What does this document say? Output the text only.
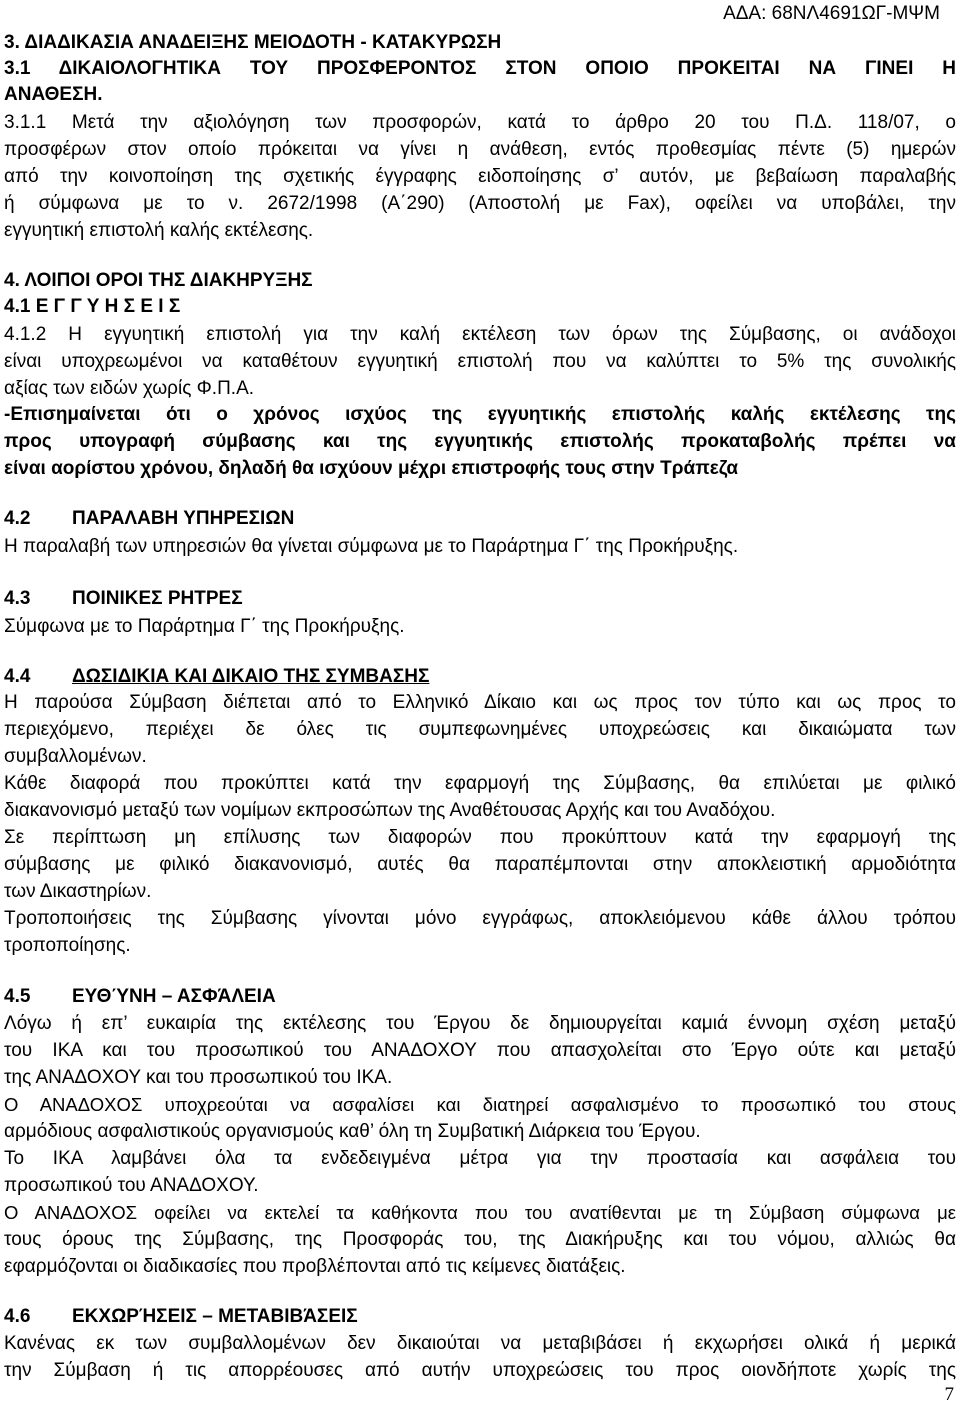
ΑΔΑ: 68ΝΛ4691ΩΓ-ΜΨΜ
3. ΔΙΑΔΙΚΑΣΙΑ ΑΝΑΔΕΙΞΗΣ ΜΕΙΟΔΟΤΗ - ΚΑΤΑΚΥΡΩΣΗ
3.1 ΔΙΚΑΙΟΛΟΓΗΤΙΚΑ ΤΟΥ ΠΡΟΣΦΕΡΟΝΤΟΣ ΣΤΟΝ ΟΠΟΙΟ ΠΡΟΚΕΙΤΑΙ ΝΑ ΓΙΝΕΙ Η
ΑΝΑΘΕΣΗ.
3.1.1 Μετά την αξιολόγηση των προσφορών, κατά το άρθρο 20 του Π.Δ. 118/07, ο
προσφέρων στον οποίο πρόκειται να γίνει η ανάθεση, εντός προθεσμίας πέντε (5) ημερών
από την κοινοποίηση της σχετικής έγγραφης ειδοποίησης σ’ αυτόν, με βεβαίωση παραλαβής
ή σύμφωνα με το ν. 2672/1998 (Α΄290) (Αποστολή με Fax), οφείλει να υποβάλει, την
εγγυητική επιστολή καλής εκτέλεσης.
4. ΛΟΙΠΟΙ ΟΡΟΙ ΤΗΣ ΔΙΑΚΗΡΥΞΗΣ
4.1 Ε Γ Γ Υ Η Σ Ε Ι Σ
4.1.2 Η εγγυητική επιστολή για την καλή εκτέλεση των όρων της Σύμβασης, οι ανάδοχοι
είναι υποχρεωμένοι να καταθέτουν εγγυητική επιστολή που να καλύπτει το 5% της συνολικής
αξίας των ειδών χωρίς Φ.Π.Α.
-Επισημαίνεται ότι ο χρόνος ισχύος της εγγυητικής επιστολής καλής εκτέλεσης της
προς υπογραφή σύμβασης και της εγγυητικής επιστολής προκαταβολής πρέπει να
είναι αορίστου χρόνου, δηλαδή θα ισχύουν μέχρι επιστροφής τους στην Τράπεζα
4.2 ΠΑΡΑΛΑΒΗ ΥΠΗΡΕΣΙΩΝ
Η παραλαβή των υπηρεσιών θα γίνεται σύμφωνα με το Παράρτημα Γ΄ της Προκήρυξης.
4.3 ΠΟΙΝΙΚΕΣ ΡΗΤΡΕΣ
Σύμφωνα με το Παράρτημα Γ΄ της Προκήρυξης.
4.4 ΔΩΣΙΔΙΚΙΑ ΚΑΙ ΔΙΚΑΙΟ ΤΗΣ ΣΥΜΒΑΣΗΣ
Η παρούσα Σύμβαση διέπεται από το Ελληνικό Δίκαιο και ως προς τον τύπο και ως προς το
περιεχόμενο, περιέχει δε όλες τις συμπεφωνημένες υποχρεώσεις και δικαιώματα των
συμβαλλομένων.
Κάθε διαφορά που προκύπτει κατά την εφαρμογή της Σύμβασης, θα επιλύεται με φιλικό
διακανονισμό μεταξύ των νομίμων εκπροσώπων της Αναθέτουσας Αρχής και του Αναδόχου.
Σε περίπτωση μη επίλυσης των διαφορών που προκύπτουν κατά την εφαρμογή της
σύμβασης με φιλικό διακανονισμό, αυτές θα παραπέμπονται στην αποκλειστική αρμοδιότητα
των Δικαστηρίων.
Τροποποιήσεις της Σύμβασης γίνονται μόνο εγγράφως, αποκλειόμενου κάθε άλλου τρόπου
τροποποίησης.
4.5 ΕΥΘΎΝΗ – ΑΣΦΆΛΕΙΑ
Λόγω ή επ’ ευκαιρία της εκτέλεσης του Έργου δε δημιουργείται καμιά έννομη σχέση μεταξύ
του ΙΚΑ και του προσωπικού του ΑΝΑΔΟΧΟΥ που απασχολείται στο Έργο ούτε και μεταξύ
της ΑΝΑΔΟΧΟΥ και του προσωπικού του ΙΚΑ.
Ο ΑΝΑΔΟΧΟΣ υποχρεούται να ασφαλίσει και διατηρεί ασφαλισμένο το προσωπικό του στους
αρμόδιους ασφαλιστικούς οργανισμούς καθ’ όλη τη Συμβατική Διάρκεια του Έργου.
Το ΙΚΑ λαμβάνει όλα τα ενδεδειγμένα μέτρα για την προστασία και ασφάλεια του
προσωπικού του ΑΝΑΔΟΧΟΥ.
Ο ΑΝΑΔΟΧΟΣ οφείλει να εκτελεί τα καθήκοντα που του ανατίθενται με τη Σύμβαση σύμφωνα με
τους όρους της Σύμβασης, της Προσφοράς του, της Διακήρυξης και του νόμου, αλλιώς θα
εφαρμόζονται οι διαδικασίες που προβλέπονται από τις κείμενες διατάξεις.
4.6 ΕΚΧΩΡΉΣΕΙΣ – ΜΕΤΑΒΙΒΆΣΕΙΣ
Κανένας εκ των συμβαλλομένων δεν δικαιούται να μεταβιβάσει ή εκχωρήσει ολικά ή μερικά
την Σύμβαση ή τις απορρέουσες από αυτήν υποχρεώσεις του προς οιονδήποτε χωρίς της
7
